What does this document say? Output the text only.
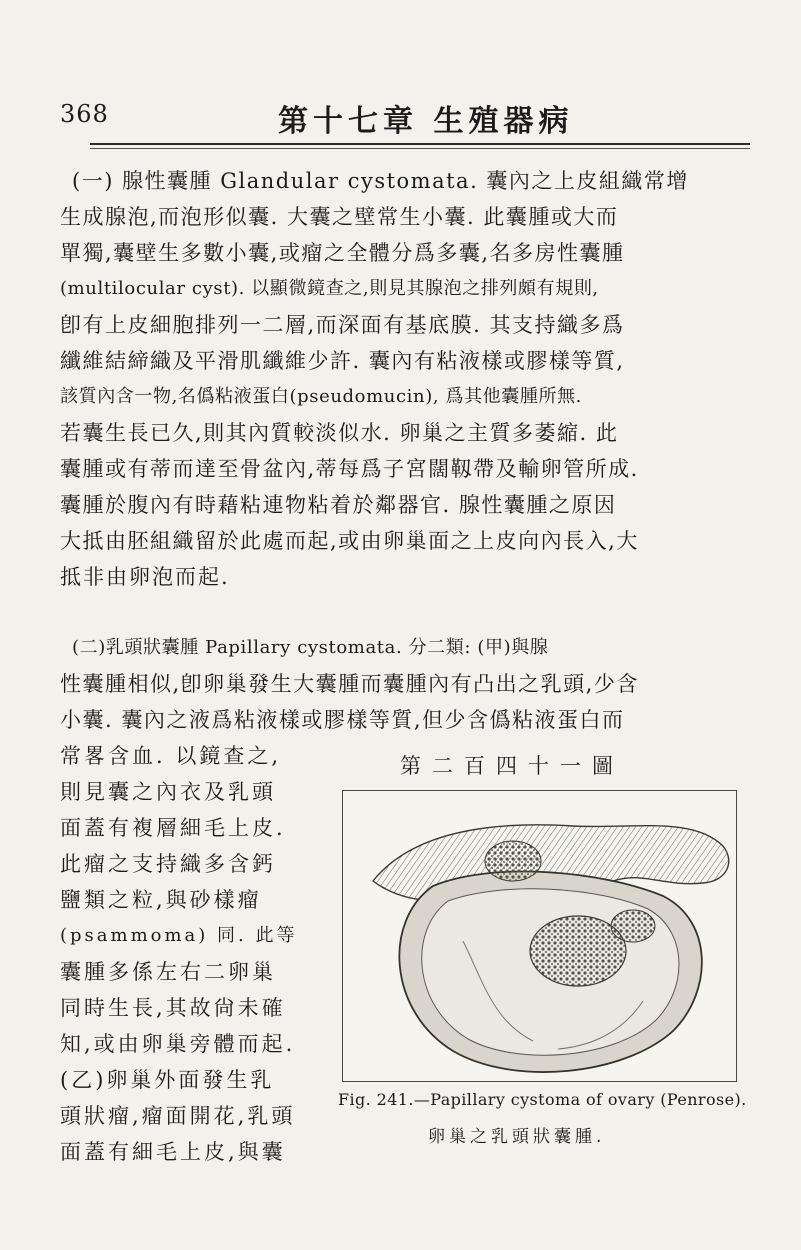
368	第十七章 生殖器病
(一) 腺性囊腫 Glandular cystomata. 囊內之上皮組織常增
生成腺泡,而泡形似囊. 大囊之壁常生小囊. 此囊腫或大而
單獨,囊壁生多數小囊,或瘤之全體分爲多囊,名多房性囊腫
(multilocular cyst). 以顯微鏡查之,則見其腺泡之排列頗有規則,
卽有上皮細胞排列一二層,而深面有基底膜. 其支持織多爲
纖維結締織及平滑肌纖維少許. 囊內有粘液樣或膠樣等質,
該質內含一物,名僞粘液蛋白(pseudomucin), 爲其他囊腫所無.
若囊生長已久,則其內質較淡似水. 卵巢之主質多萎縮. 此
囊腫或有蒂而達至骨盆內,蒂每爲子宮闊靱帶及輸卵管所成.
囊腫於腹內有時藉粘連物粘着於鄰器官. 腺性囊腫之原因
大抵由胚組織留於此處而起,或由卵巢面之上皮向內長入,大
抵非由卵泡而起.
(二)乳頭狀囊腫 Papillary cystomata. 分二類: (甲)與腺
性囊腫相似,卽卵巢發生大囊腫而囊腫內有凸出之乳頭,少含
小囊. 囊內之液爲粘液樣或膠樣等質,但少含僞粘液蛋白而
常畧含血. 以鏡查之,
則見囊之內衣及乳頭
面蓋有複層細毛上皮.
此瘤之支持織多含鈣
鹽類之粒,與砂樣瘤
(psammoma) 同. 此等
囊腫多係左右二卵巢
同時生長,其故尙未確
知,或由卵巢旁體而起.
(乙)卵巢外面發生乳
頭狀瘤,瘤面開花,乳頭
面蓋有細毛上皮,與囊
第二百四十一圖
Fig. 241.—Papillary cystoma of ovary (Penrose).
卵巢之乳頭狀囊腫.
